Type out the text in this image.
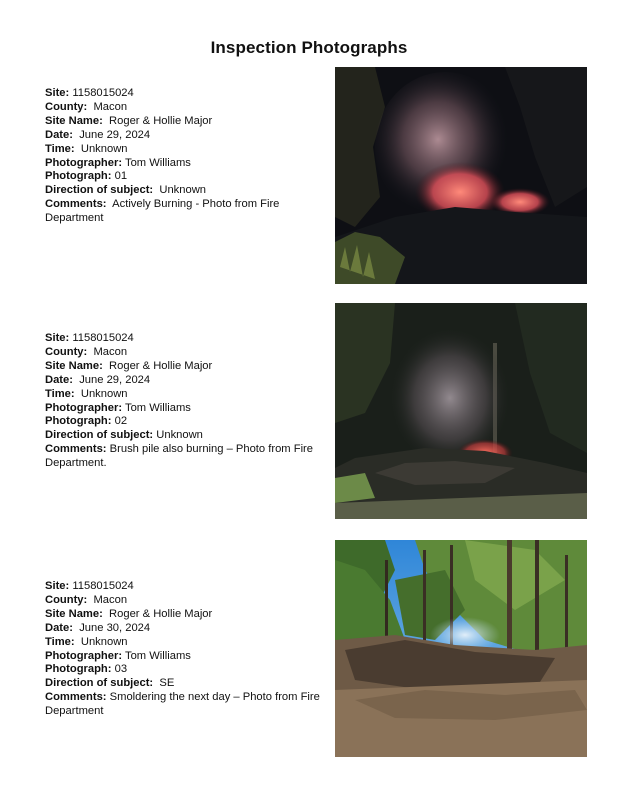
Inspection Photographs
Site: 1158015024
County: Macon
Site Name: Roger & Hollie Major
Date: June 29, 2024
Time: Unknown
Photographer: Tom Williams
Photograph: 01
Direction of subject: Unknown
Comments: Actively Burning - Photo from Fire Department
Site: 1158015024
County: Macon
Site Name: Roger & Hollie Major
Date: June 29, 2024
Time: Unknown
Photographer: Tom Williams
Photograph: 02
Direction of subject: Unknown
Comments: Brush pile also burning – Photo from Fire Department.
Site: 1158015024
County: Macon
Site Name: Roger & Hollie Major
Date: June 30, 2024
Time: Unknown
Photographer: Tom Williams
Photograph: 03
Direction of subject: SE
Comments: Smoldering the next day – Photo from Fire Department
